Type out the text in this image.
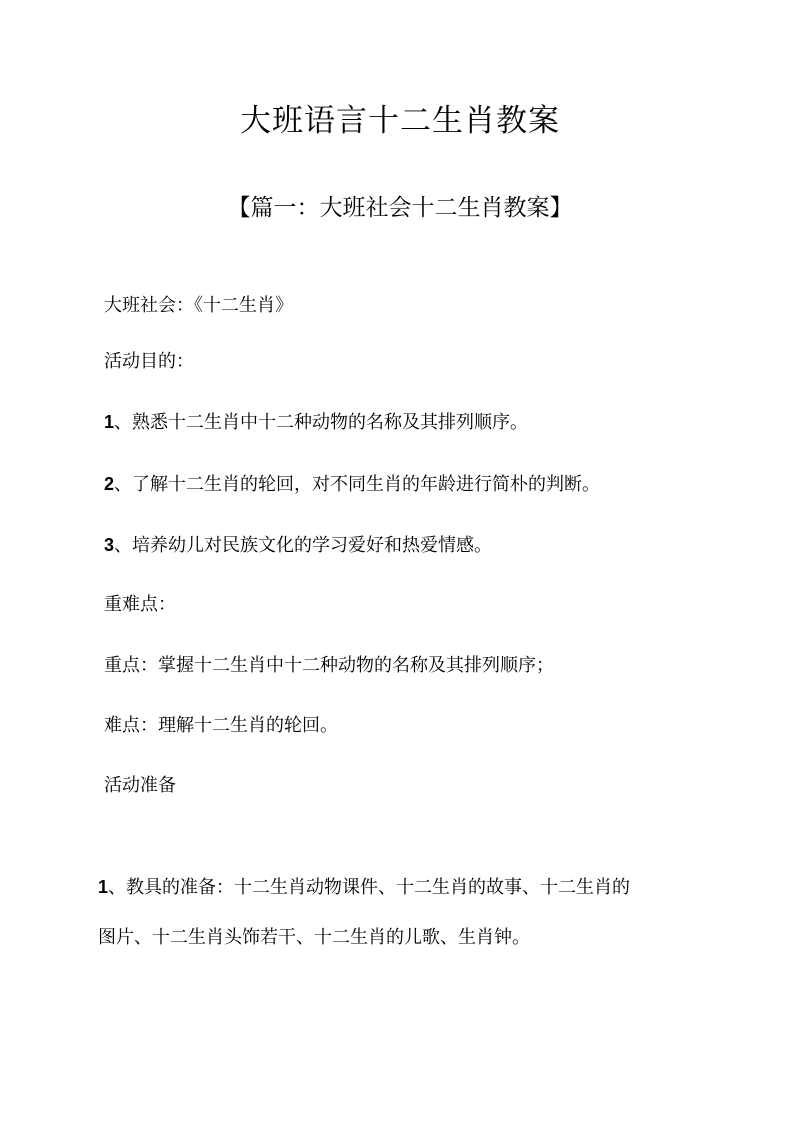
大班语言十二生肖教案
【篇一：大班社会十二生肖教案】
大班社会：《十二生肖》
活动目的：
1、熟悉十二生肖中十二种动物的名称及其排列顺序。
2、了解十二生肖的轮回，对不同生肖的年龄进行简朴的判断。
3、培养幼儿对民族文化的学习爱好和热爱情感。
重难点：
重点：掌握十二生肖中十二种动物的名称及其排列顺序；
难点：理解十二生肖的轮回。
活动准备
1、教具的准备：十二生肖动物课件、十二生肖的故事、十二生肖的
图片、十二生肖头饰若干、十二生肖的儿歌、生肖钟。
